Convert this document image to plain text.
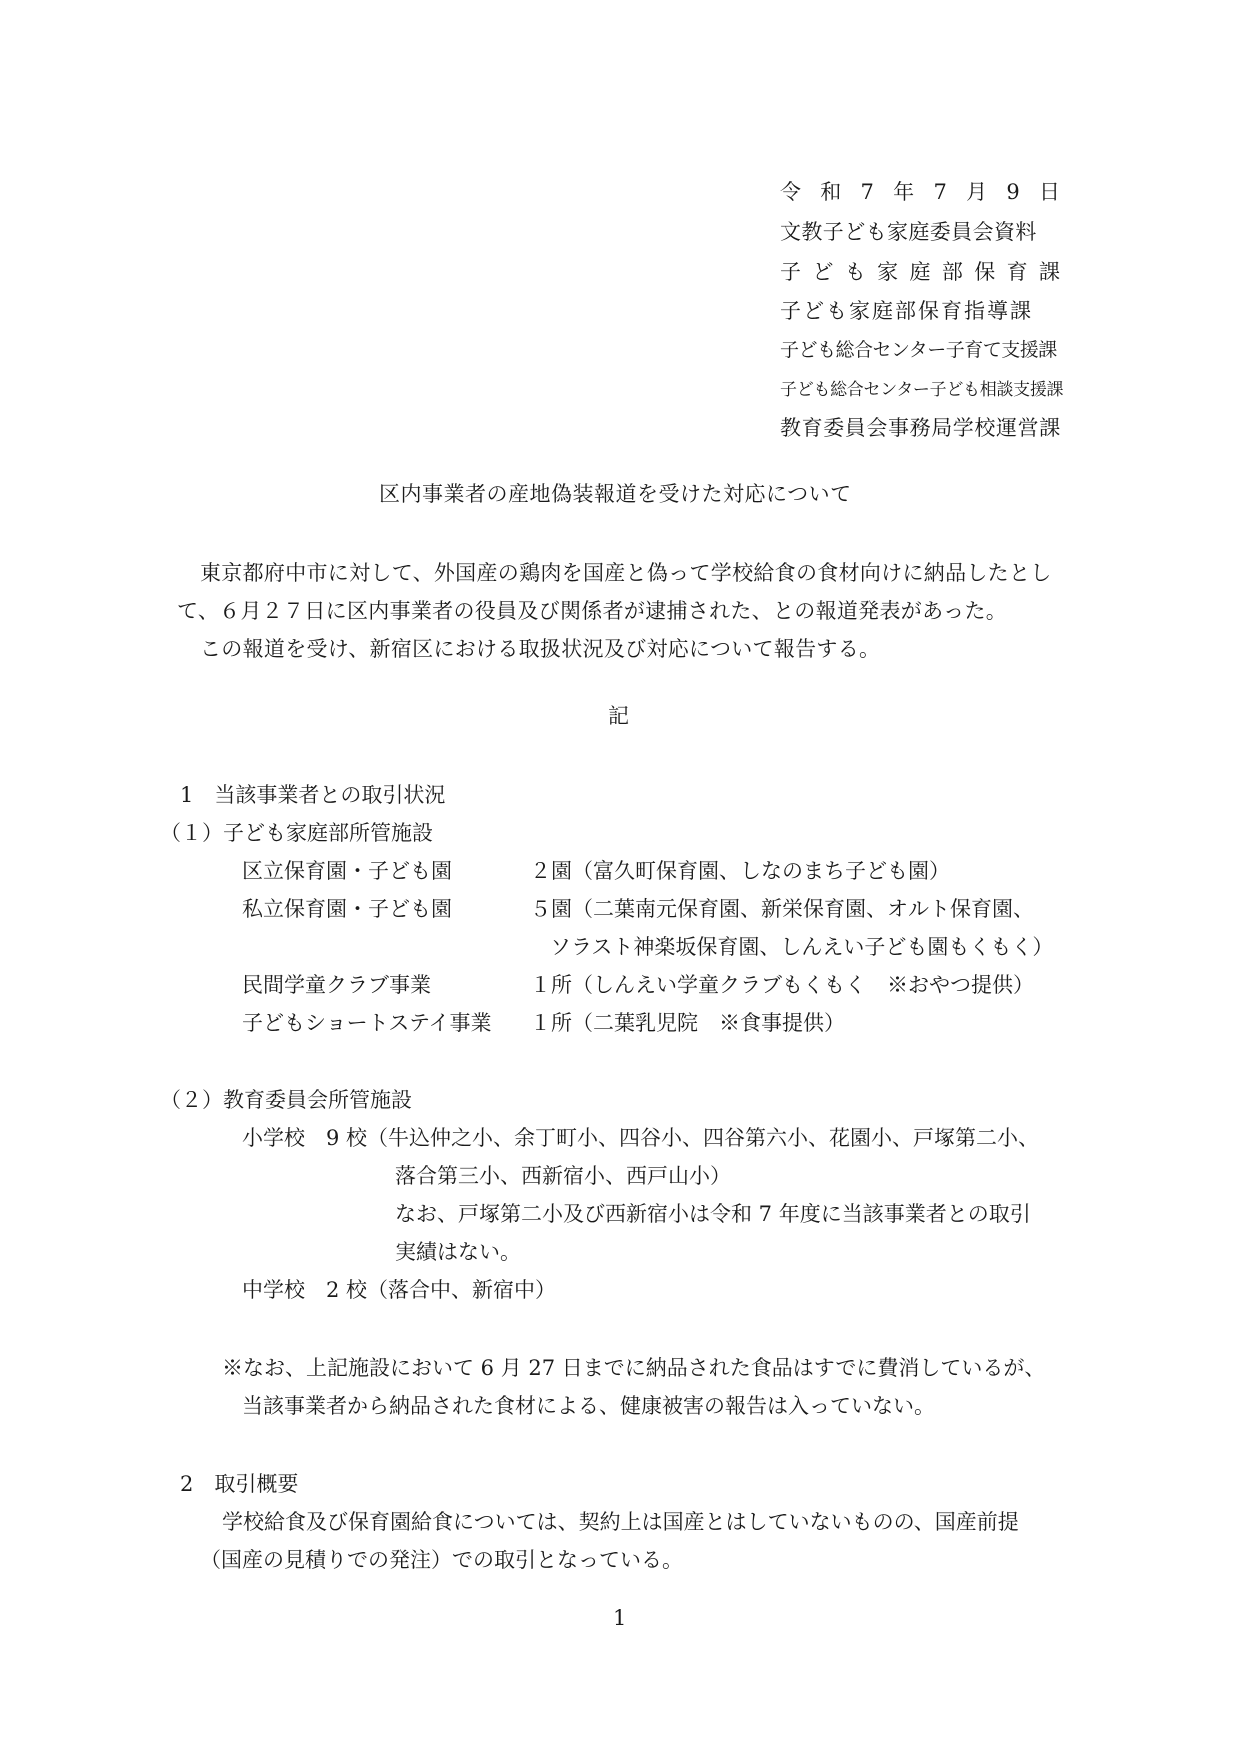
令 和 7 年 7 月 9 日
文教子ども家庭委員会資料
子 ど も 家 庭 部 保 育 課
子ども家庭部保育指導課
子ども総合センター子育て支援課
子ども総合センター子ども相談支援課
教育委員会事務局学校運営課
区内事業者の産地偽装報道を受けた対応について
東京都府中市に対して、外国産の鶏肉を国産と偽って学校給食の食材向けに納品したとし
て、６月２７日に区内事業者の役員及び関係者が逮捕された、との報道発表があった。
この報道を受け、新宿区における取扱状況及び対応について報告する。
記
1　当該事業者との取引状況
（１）子ども家庭部所管施設
区立保育園・子ども園	２園（富久町保育園、しなのまち子ども園）
私立保育園・子ども園	５園（二葉南元保育園、新栄保育園、オルト保育園、
ソラスト神楽坂保育園、しんえい子ども園もくもく）
民間学童クラブ事業	１所（しんえい学童クラブもくもく　※おやつ提供）
子どもショートステイ事業 １所（二葉乳児院　※食事提供）
（２）教育委員会所管施設
小学校　9 校（牛込仲之小、余丁町小、四谷小、四谷第六小、花園小、戸塚第二小、
落合第三小、西新宿小、西戸山小）
なお、戸塚第二小及び西新宿小は令和 7 年度に当該事業者との取引
実績はない。
中学校　2 校（落合中、新宿中）
※なお、上記施設において 6 月 27 日までに納品された食品はすでに費消しているが、
当該事業者から納品された食材による、健康被害の報告は入っていない。
2　取引概要
学校給食及び保育園給食については、契約上は国産とはしていないものの、国産前提
（国産の見積りでの発注）での取引となっている。
1
